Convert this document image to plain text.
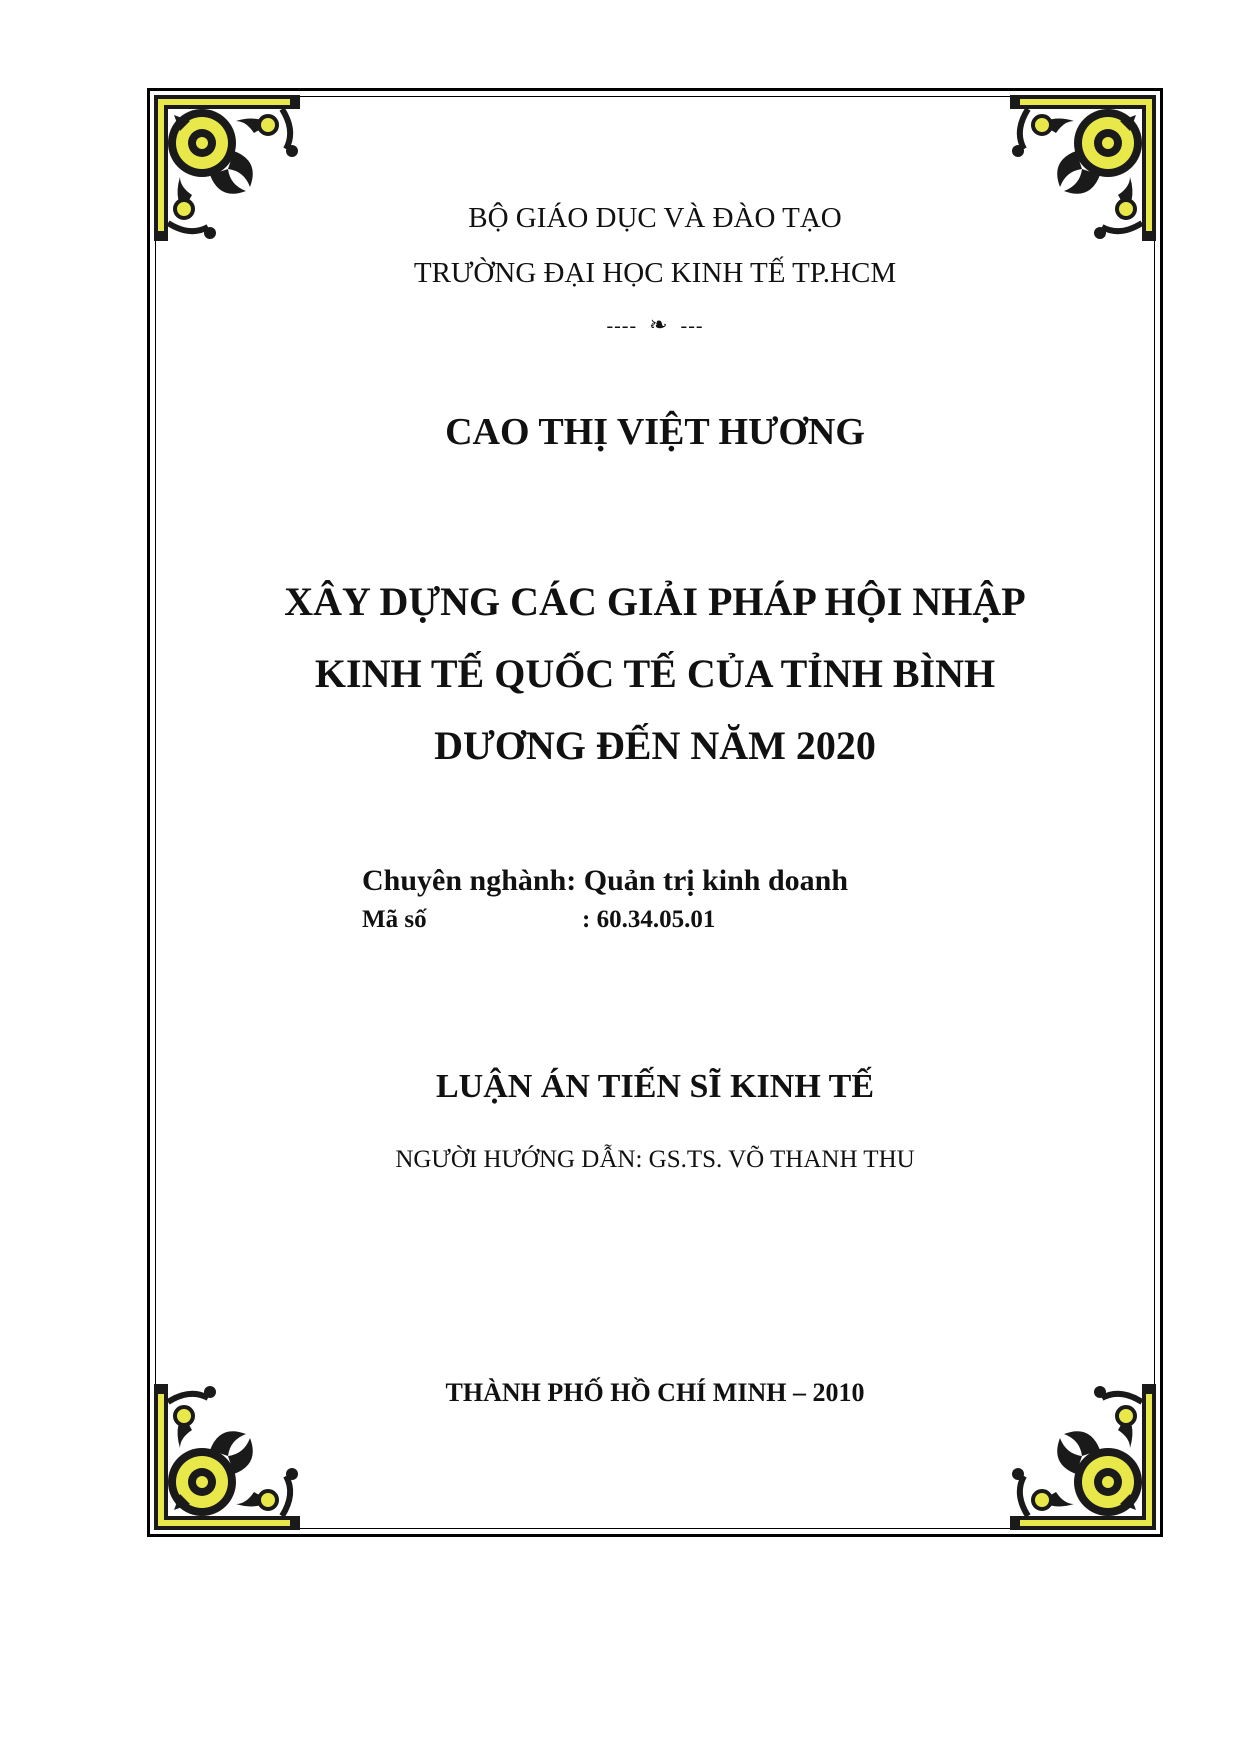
BỘ GIÁO DỤC VÀ ĐÀO TẠO
TRƯỜNG ĐẠI HỌC KINH TẾ TP.HCM
---- ❧ ---
CAO THỊ VIỆT HƯƠNG
XÂY DỰNG CÁC GIẢI PHÁP HỘI NHẬP
KINH TẾ QUỐC TẾ CỦA TỈNH BÌNH
DƯƠNG ĐẾN NĂM 2020
Chuyên nghành: Quản trị kinh doanh
Mã số	: 60.34.05.01
LUẬN ÁN TIẾN SĨ KINH TẾ
NGƯỜI HƯỚNG DẪN: GS.TS. VÕ THANH THU
THÀNH PHỐ HỒ CHÍ MINH – 2010
